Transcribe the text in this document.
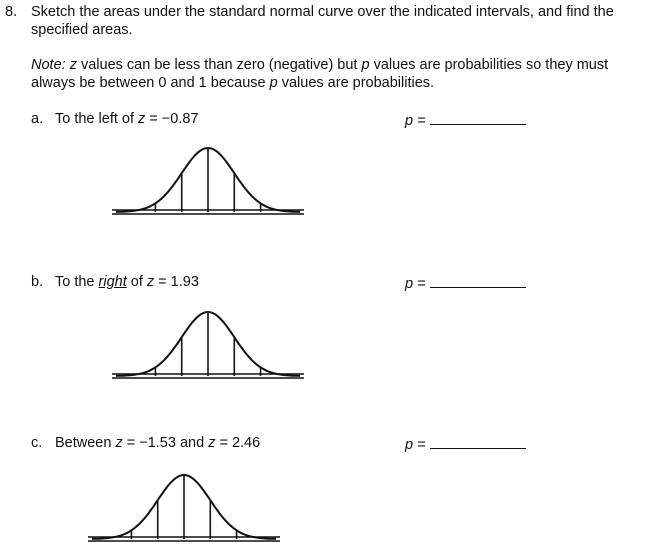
8. Sketch the areas under the standard normal curve over the indicated intervals, and find the
specified areas.
Note: z values can be less than zero (negative) but p values are probabilities so they must
always be between 0 and 1 because p values are probabilities.
a. To the left of z = −0.87	p =
b. To the right of z = 1.93	p =
c. Between z = −1.53 and z = 2.46	p =
